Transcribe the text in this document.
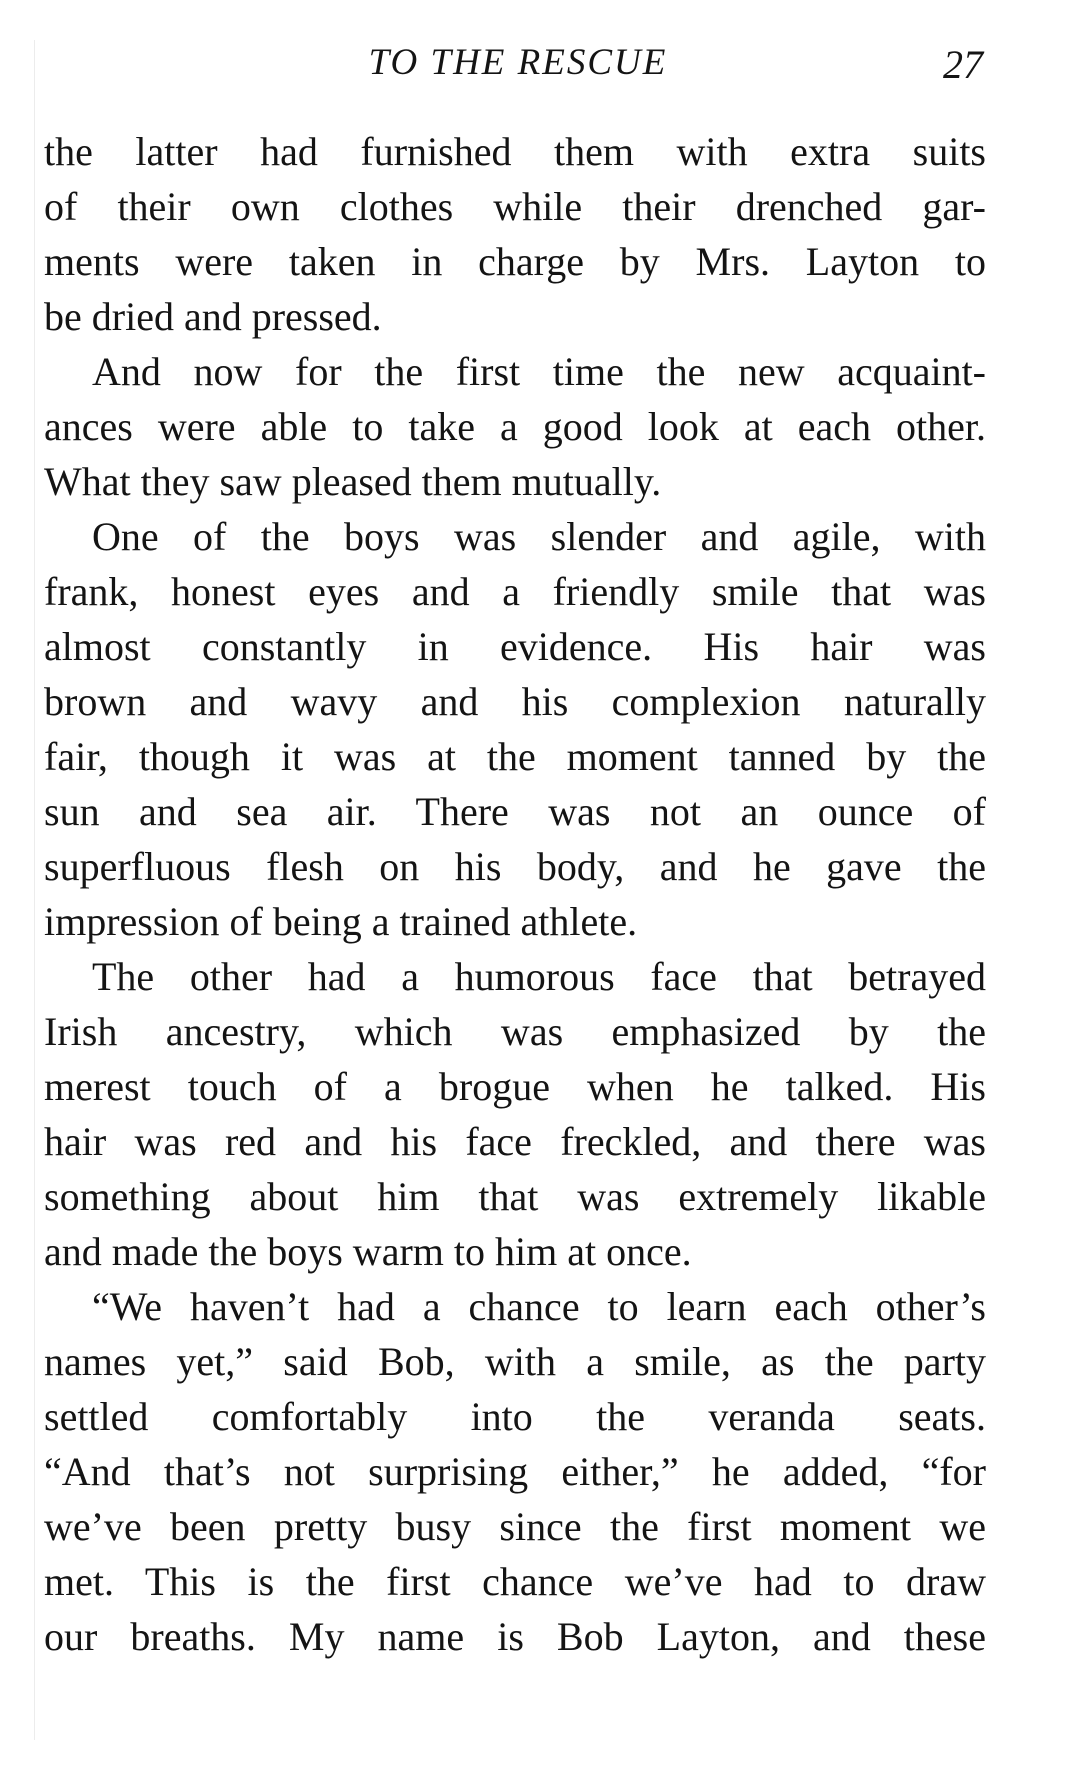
TO THE RESCUE	27
the latter had furnished them with extra suits
of their own clothes while their drenched gar-
ments were taken in charge by Mrs. Layton to
be dried and pressed.
And now for the first time the new acquaint-
ances were able to take a good look at each other.
What they saw pleased them mutually.
One of the boys was slender and agile, with
frank, honest eyes and a friendly smile that was
almost constantly in evidence. His hair was
brown and wavy and his complexion naturally
fair, though it was at the moment tanned by the
sun and sea air. There was not an ounce of
superfluous flesh on his body, and he gave the
impression of being a trained athlete.
The other had a humorous face that betrayed
Irish ancestry, which was emphasized by the
merest touch of a brogue when he talked. His
hair was red and his face freckled, and there was
something about him that was extremely likable
and made the boys warm to him at once.
“We haven’t had a chance to learn each other’s
names yet,” said Bob, with a smile, as the party
settled comfortably into the veranda seats.
“And that’s not surprising either,” he added, “for
we’ve been pretty busy since the first moment we
met. This is the first chance we’ve had to draw
our breaths. My name is Bob Layton, and these
